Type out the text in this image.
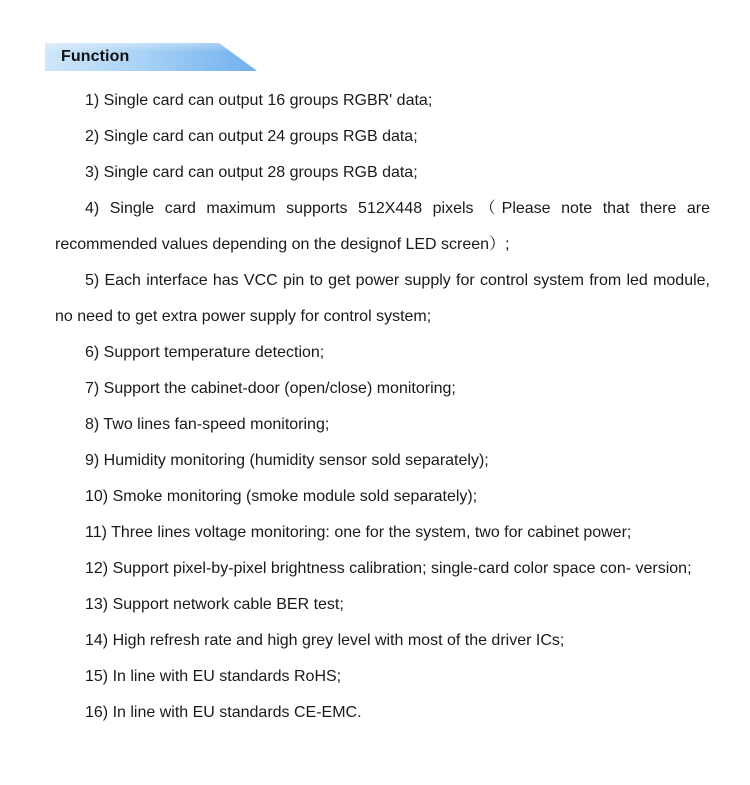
Function
1) Single card can output 16 groups RGBR' data;
2) Single card can output 24 groups RGB data;
3) Single card can output 28 groups RGB data;
4) Single card maximum supports 512X448 pixels（Please note that there are recommended values depending on the designof LED screen）;
5) Each interface has VCC pin to get power supply for control system from led module, no need to get extra power supply for control system;
6) Support temperature detection;
7) Support the cabinet-door (open/close) monitoring;
8) Two lines fan-speed monitoring;
9) Humidity monitoring (humidity sensor sold separately);
10) Smoke monitoring (smoke module sold separately);
11) Three lines voltage monitoring: one for the system, two for cabinet power;
12) Support pixel-by-pixel brightness calibration; single-card color space con- version;
13) Support network cable BER test;
14) High refresh rate and high grey level with most of the driver ICs;
15) In line with EU standards RoHS;
16) In line with EU standards CE-EMC.
